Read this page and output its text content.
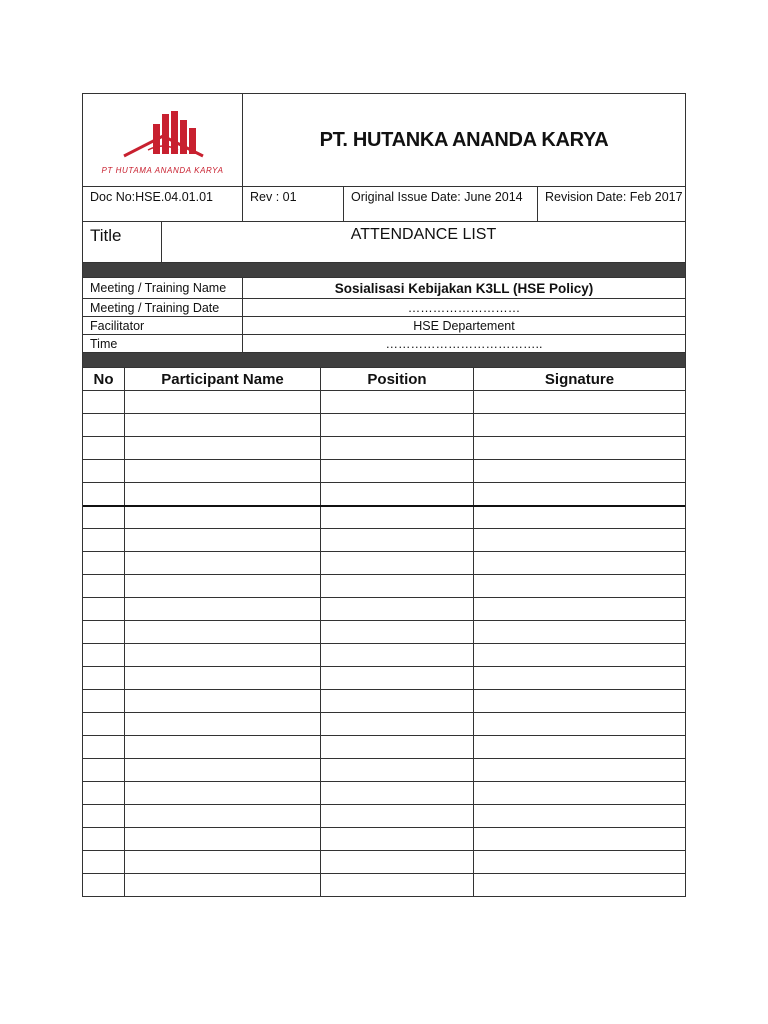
PT HUTAMA ANANDA KARYA
PT. HUTANKA ANANDA KARYA
Doc No:HSE.04.01.01	Rev : 01	Original Issue Date: June 2014	Revision Date: Feb 2017
Title	ATTENDANCE LIST
Meeting / Training Name	Sosialisasi Kebijakan K3LL (HSE Policy)
Meeting / Training Date	………………………
Facilitator	HSE Departement
Time	………………………………..
No	Participant Name	Position	Signature
